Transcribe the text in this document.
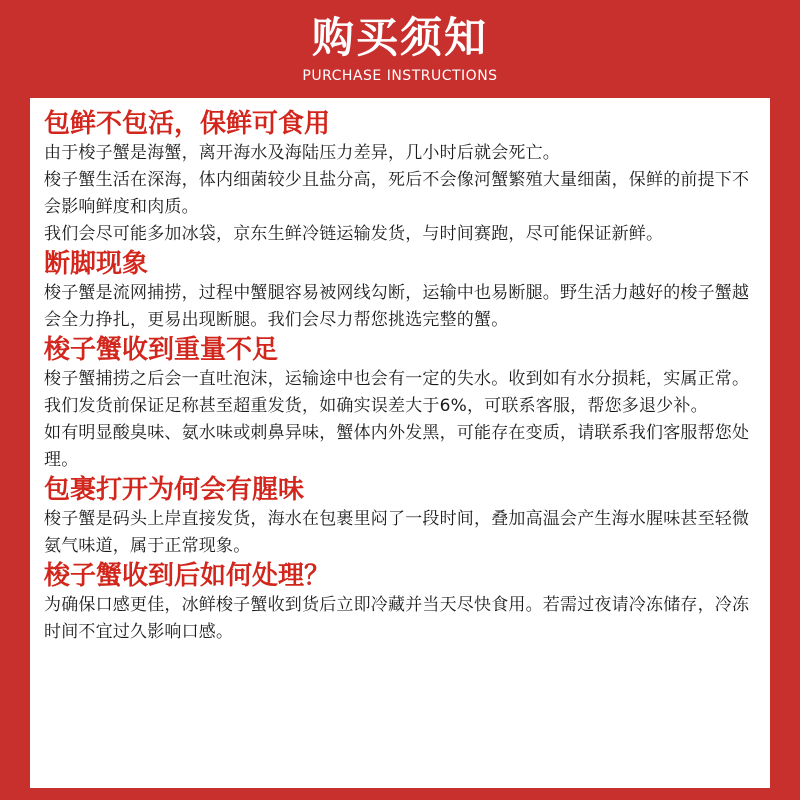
购买须知
PURCHASE INSTRUCTIONS
包鲜不包活，保鲜可食用

由于梭子蟹是海蟹，离开海水及海陆压力差异，几小时后就会死亡。

梭子蟹生活在深海，体内细菌较少且盐分高，死后不会像河蟹繁殖大量细菌，保鲜的前提下不会影响鲜度和肉质。

我们会尽可能多加冰袋，京东生鲜冷链运输发货，与时间赛跑，尽可能保证新鲜。

断脚现象

梭子蟹是流网捕捞，过程中蟹腿容易被网线勾断，运输中也易断腿。野生活力越好的梭子蟹越会全力挣扎，更易出现断腿。我们会尽力帮您挑选完整的蟹。

梭子蟹收到重量不足

梭子蟹捕捞之后会一直吐泡沫，运输途中也会有一定的失水。收到如有水分损耗，实属正常。

我们发货前保证足称甚至超重发货，如确实误差大于6%，可联系客服，帮您多退少补。

如有明显酸臭味、氨水味或刺鼻异味，蟹体内外发黑，可能存在变质，请联系我们客服帮您处理。

包裹打开为何会有腥味

梭子蟹是码头上岸直接发货，海水在包裹里闷了一段时间，叠加高温会产生海水腥味甚至轻微氨气味道，属于正常现象。

梭子蟹收到后如何处理？

为确保口感更佳，冰鲜梭子蟹收到货后立即冷藏并当天尽快食用。若需过夜请冷冻储存，冷冻时间不宜过久影响口感。
